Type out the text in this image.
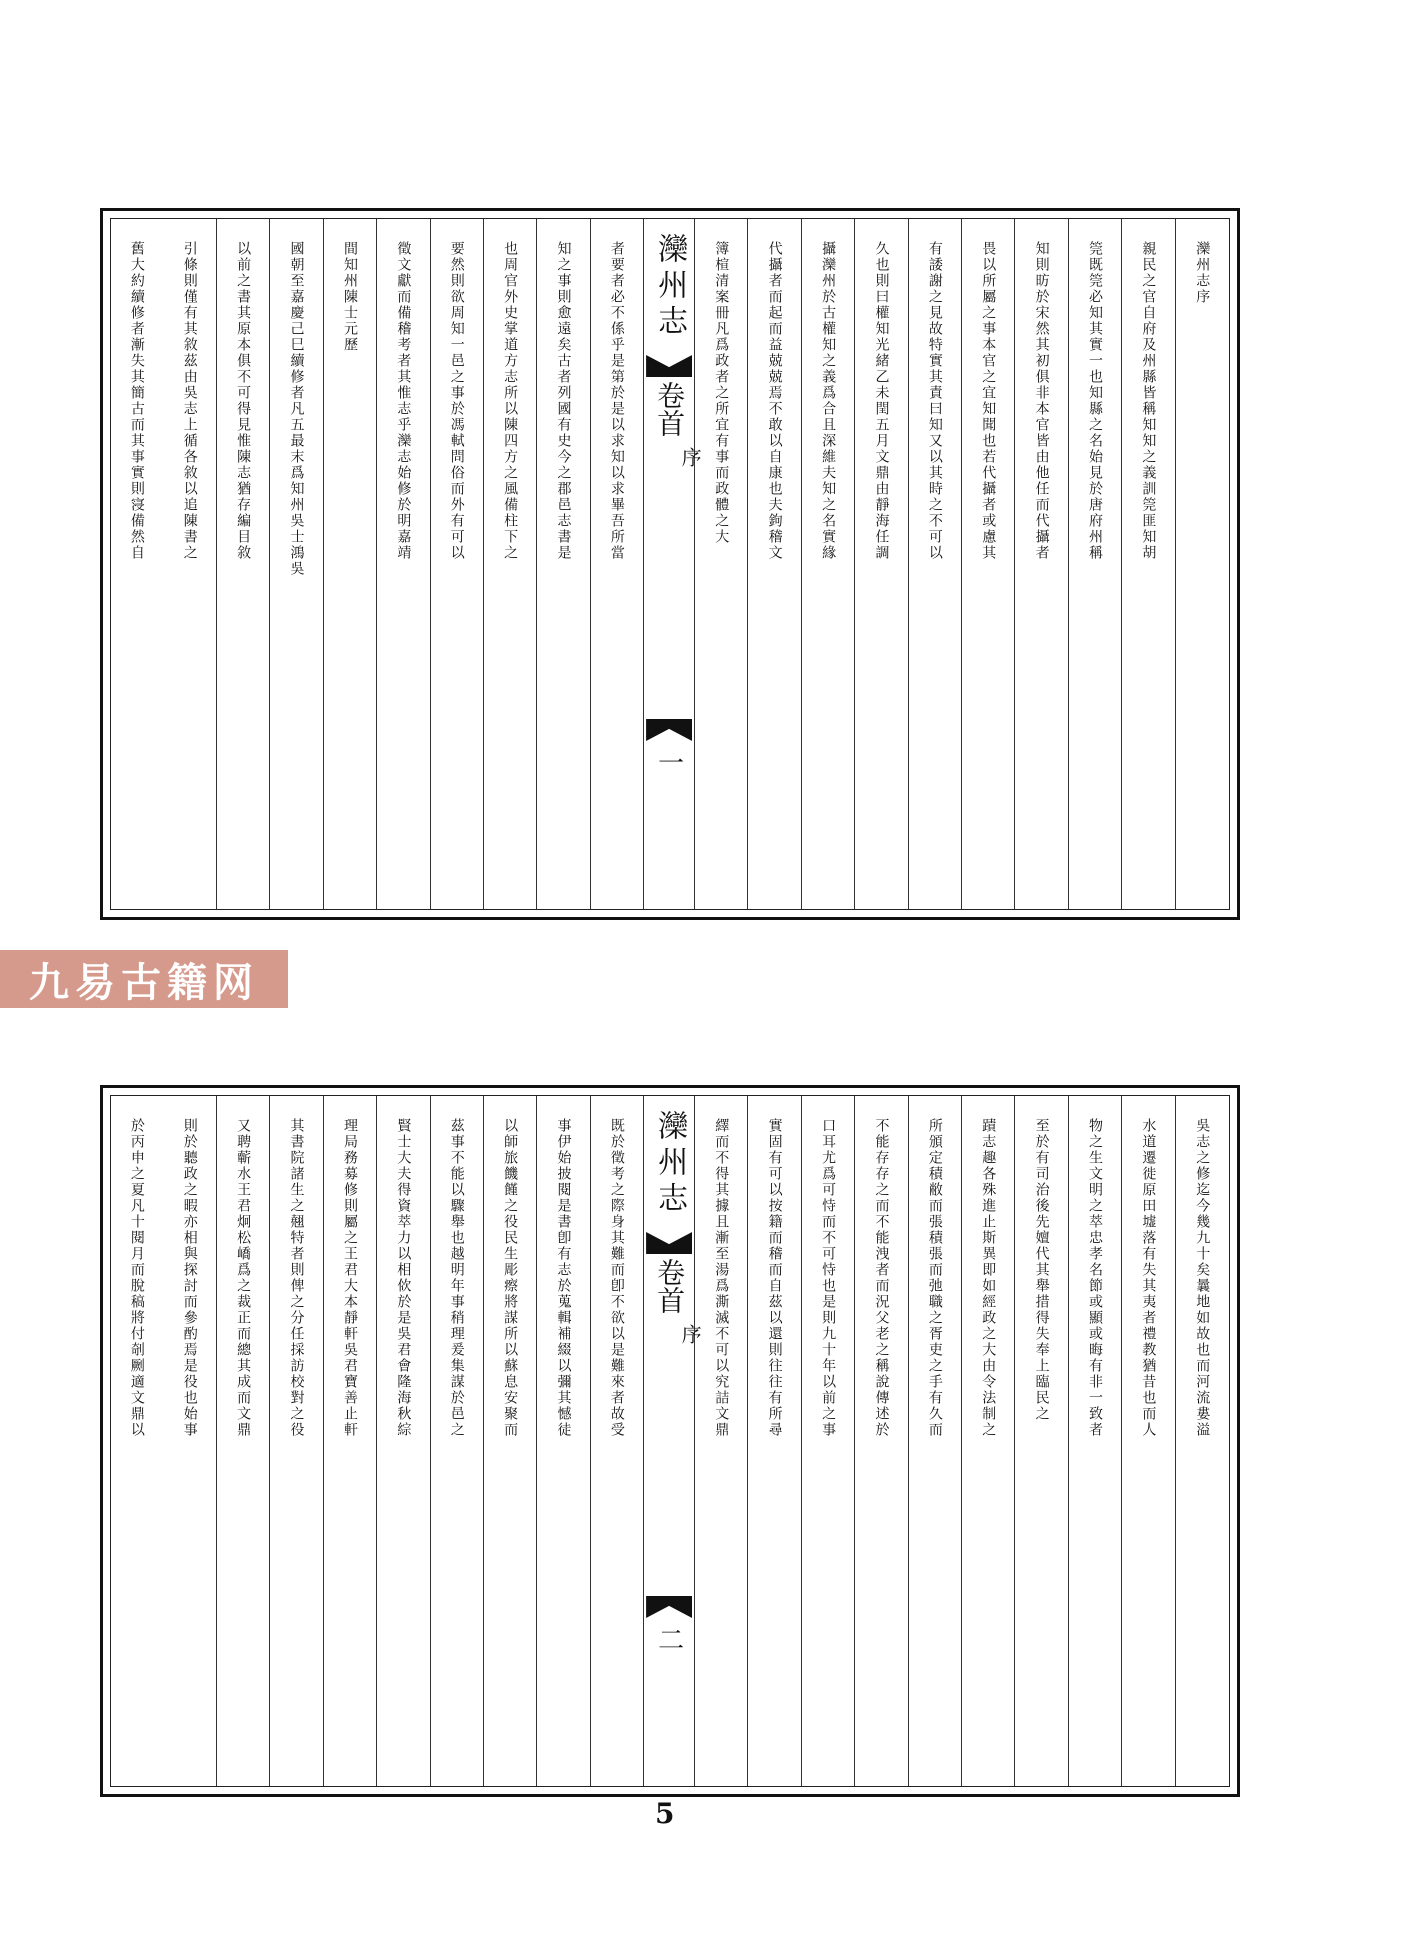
灤州志序
親民之官自府及州縣皆稱知知之義訓筦匪知胡
筦既筦必知其實一也知縣之名始見於唐府州稱
知則昉於宋然其初俱非本官皆由他任而代攝者
畏以所屬之事本官之宜知聞也若代攝者或慮其
有諉謝之見故特實其責曰知又以其時之不可以
久也則曰權知光緒乙未閏五月文鼎由靜海任調
攝灤州於古權知之義爲合且深維夫知之名實緣
代攝者而起而益兢兢焉不敢以自康也夫鉤稽文
簿楦清案冊凡爲政者之所宜有事而政體之大
灤州志
卷首
序
一
者要者必不係乎是第於是以求知以求畢吾所當
知之事則愈遠矣古者列國有史今之郡邑志書是
也周官外史掌道方志所以陳四方之風備柱下之
要然則欲周知一邑之事於馮軾問俗而外有可以
徵文獻而備稽考者其惟志乎灤志始修於明嘉靖
間知州陳士元歷
國朝至嘉慶己巳續修者凡五最末爲知州吳士鴻吳
以前之書其原本俱不可得見惟陳志猶存編目敘
引條則僅有其敘茲由吳志上循各敘以追陳書之
舊大約續修者漸失其簡古而其事實則寖備然自
九易古籍网
吳志之修迄今幾九十矣曩地如故也而河流婁溢
水道遷徙原田墟落有失其夷者禮教猶昔也而人
物之生文明之萃忠孝名節或顯或晦有非一致者
至於有司治後先嬗代其舉措得失奉上臨民之
蹟志趣各殊進止斯異即如經政之大由令法制之
所頒定積敝而張積張而弛職之胥吏之手有久而
不能存存之而不能洩者而況父老之稱說傳述於
口耳尤爲可恃而不可恃也是則九十年以前之事
實固有可以按籍而稽而自茲以還則往往有所尋
繹而不得其據且漸至湯爲澌滅不可以究詰文鼎
灤州志
卷首
序
二
既於徵考之際身其難而卽不欲以是難來者故受
事伊始披閱是書卽有志於蒐輯補綴以彌其憾徒
以師旅饑饉之役民生彫瘵將謀所以蘇息安聚而
茲事不能以驟舉也越明年事稍理爰集謀於邑之
賢士大夫得資萃力以相佽於是吳君會隆海秋綜
理局務募修則屬之王君大本靜軒吳君寶善止軒
其書院諸生之翹特者則俾之分任採訪校對之役
又聘蘄水王君炯松嶠爲之裁正而總其成而文鼎
則於聽政之暇亦相與探討而參酌焉是役也始事
於丙申之夏凡十閱月而脫稿將付剞劂適文鼎以
5
